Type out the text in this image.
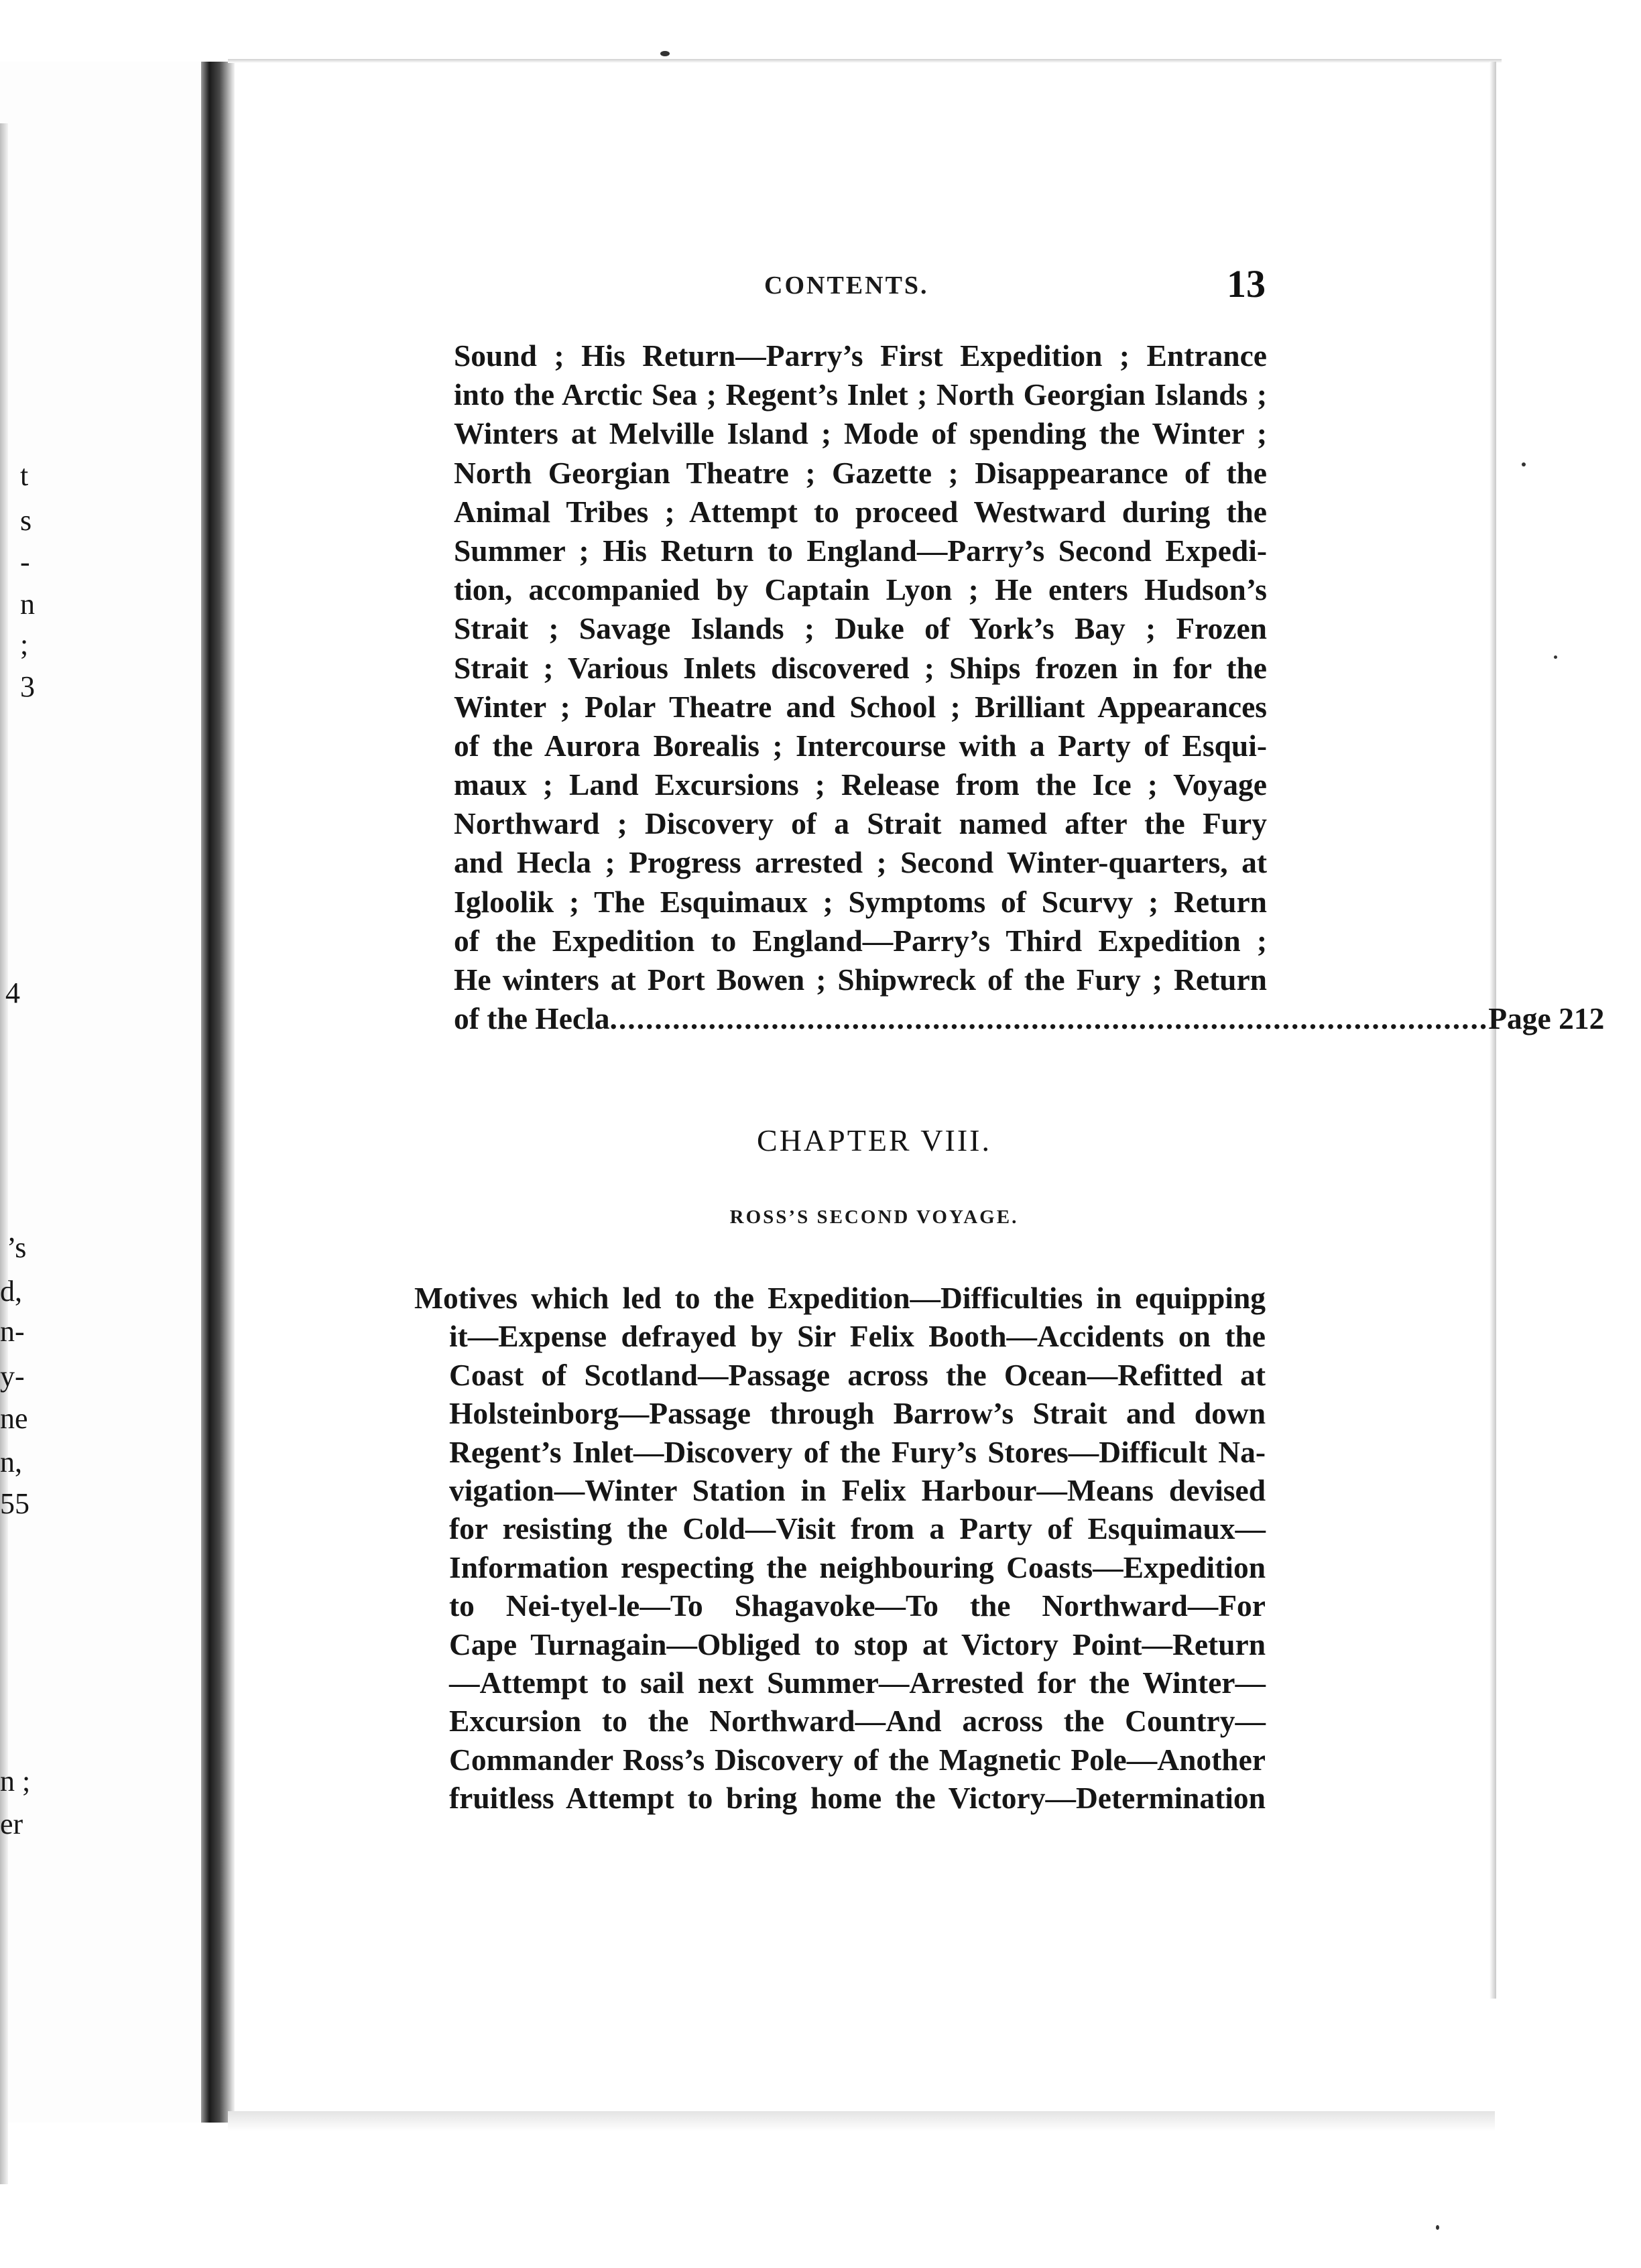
t
s
-
n
;
3
4
’s
d,
n-
y-
ne
n,
55
n ;
er
CONTENTS.	13
Sound ; His Return—Parry’s First Expedition ; Entrance
into the Arctic Sea ; Regent’s Inlet ; North Georgian Islands ;
Winters at Melville Island ; Mode of spending the Winter ;
North Georgian Theatre ; Gazette ; Disappearance of the
Animal Tribes ; Attempt to proceed Westward during the
Summer ; His Return to England—Parry’s Second Expedi-
tion, accompanied by Captain Lyon ; He enters Hudson’s
Strait ; Savage Islands ; Duke of York’s Bay ; Frozen
Strait ; Various Inlets discovered ; Ships frozen in for the
Winter ; Polar Theatre and School ; Brilliant Appearances
of the Aurora Borealis ; Intercourse with a Party of Esqui-
maux ; Land Excursions ; Release from the Ice ; Voyage
Northward ; Discovery of a Strait named after the Fury
and Hecla ; Progress arrested ; Second Winter-quarters, at
Igloolik ; The Esquimaux ; Symptoms of Scurvy ; Return
of the Expedition to England—Parry’s Third Expedition ;
He winters at Port Bowen ; Shipwreck of the Fury ; Return
of the Hecla .................................................................................................. Page 212
CHAPTER VIII.
ROSS’S SECOND VOYAGE.
Motives which led to the Expedition—Difficulties in equipping
it—Expense defrayed by Sir Felix Booth—Accidents on the
Coast of Scotland—Passage across the Ocean—Refitted at
Holsteinborg—Passage through Barrow’s Strait and down
Regent’s Inlet—Discovery of the Fury’s Stores—Difficult Na-
vigation—Winter Station in Felix Harbour—Means devised
for resisting the Cold—Visit from a Party of Esquimaux—
Information respecting the neighbouring Coasts—Expedition
to Nei-tyel-le—To Shagavoke—To the Northward—For
Cape Turnagain—Obliged to stop at Victory Point—Return
—Attempt to sail next Summer—Arrested for the Winter—
Excursion to the Northward—And across the Country—
Commander Ross’s Discovery of the Magnetic Pole—Another
fruitless Attempt to bring home the Victory—Determination
